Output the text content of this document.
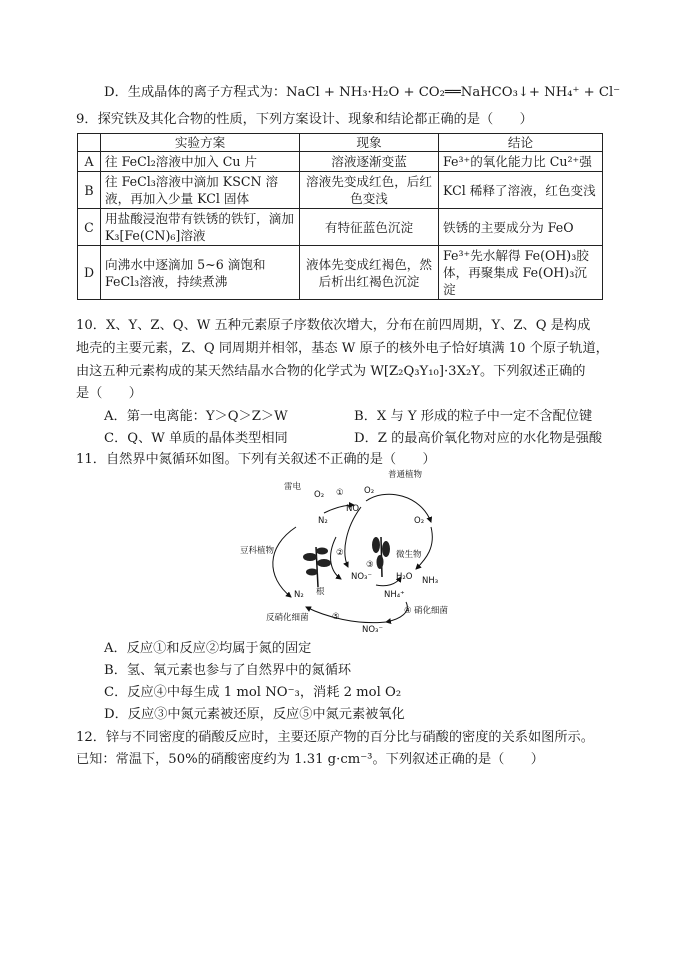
D．生成晶体的离子方程式为：NaCl + NH₃·H₂O + CO₂══NaHCO₃↓+ NH₄⁺ + Cl⁻
9．探究铁及其化合物的性质，下列方案设计、现象和结论都正确的是（　　）
	实验方案	现象	结论
A	往 FeCl₂溶液中加入 Cu 片	溶液逐渐变蓝	Fe³⁺的氧化能力比 Cu²⁺强
B	往 FeCl₃溶液中滴加 KSCN 溶液，再加入少量 KCl 固体	溶液先变成红色，后红色变浅	KCl 稀释了溶液，红色变浅
C	用盐酸浸泡带有铁锈的铁钉，滴加 K₃[Fe(CN)₆]溶液	有特征蓝色沉淀	铁锈的主要成分为 FeO
D	向沸水中逐滴加 5~6 滴饱和 FeCl₃溶液，持续煮沸	液体先变成红褐色，然后析出红褐色沉淀	Fe³⁺先水解得 Fe(OH)₃胶体，再聚集成 Fe(OH)₃沉淀
10．X、Y、Z、Q、W 五种元素原子序数依次增大，分布在前四周期，Y、Z、Q 是构成
地壳的主要元素，Z、Q 同周期并相邻，基态 W 原子的核外电子恰好填满 10 个原子轨道，
由这五种元素构成的某天然结晶水合物的化学式为 W[Z₂Q₃Y₁₀]·3X₂Y。下列叙述正确的
是（　　）
A．第一电离能：Y＞Q＞Z＞W	B．X 与 Y 形成的粒子中一定不含配位键
C．Q、W 单质的晶体类型相同	D．Z 的最高价氧化物对应的水化物是强酸
11．自然界中氮循环如图。下列有关叙述不正确的是（　　）
雷电
普通植物
豆科植物	微生物
反硝化细菌
硝化细菌
N₂
N₂
O₂	O₂
O₂
NO
NO₃⁻
NO₃⁻
NH₄⁺
H₂O NH₃
根
①
②
③
④
⑤
A．反应①和反应②均属于氮的固定
B．氢、氧元素也参与了自然界中的氮循环
C．反应④中每生成 1 mol NO⁻₃，消耗 2 mol O₂
D．反应③中氮元素被还原，反应⑤中氮元素被氧化
12．锌与不同密度的硝酸反应时，主要还原产物的百分比与硝酸的密度的关系如图所示。
已知：常温下，50%的硝酸密度约为 1.31 g·cm⁻³。下列叙述正确的是（　　）
